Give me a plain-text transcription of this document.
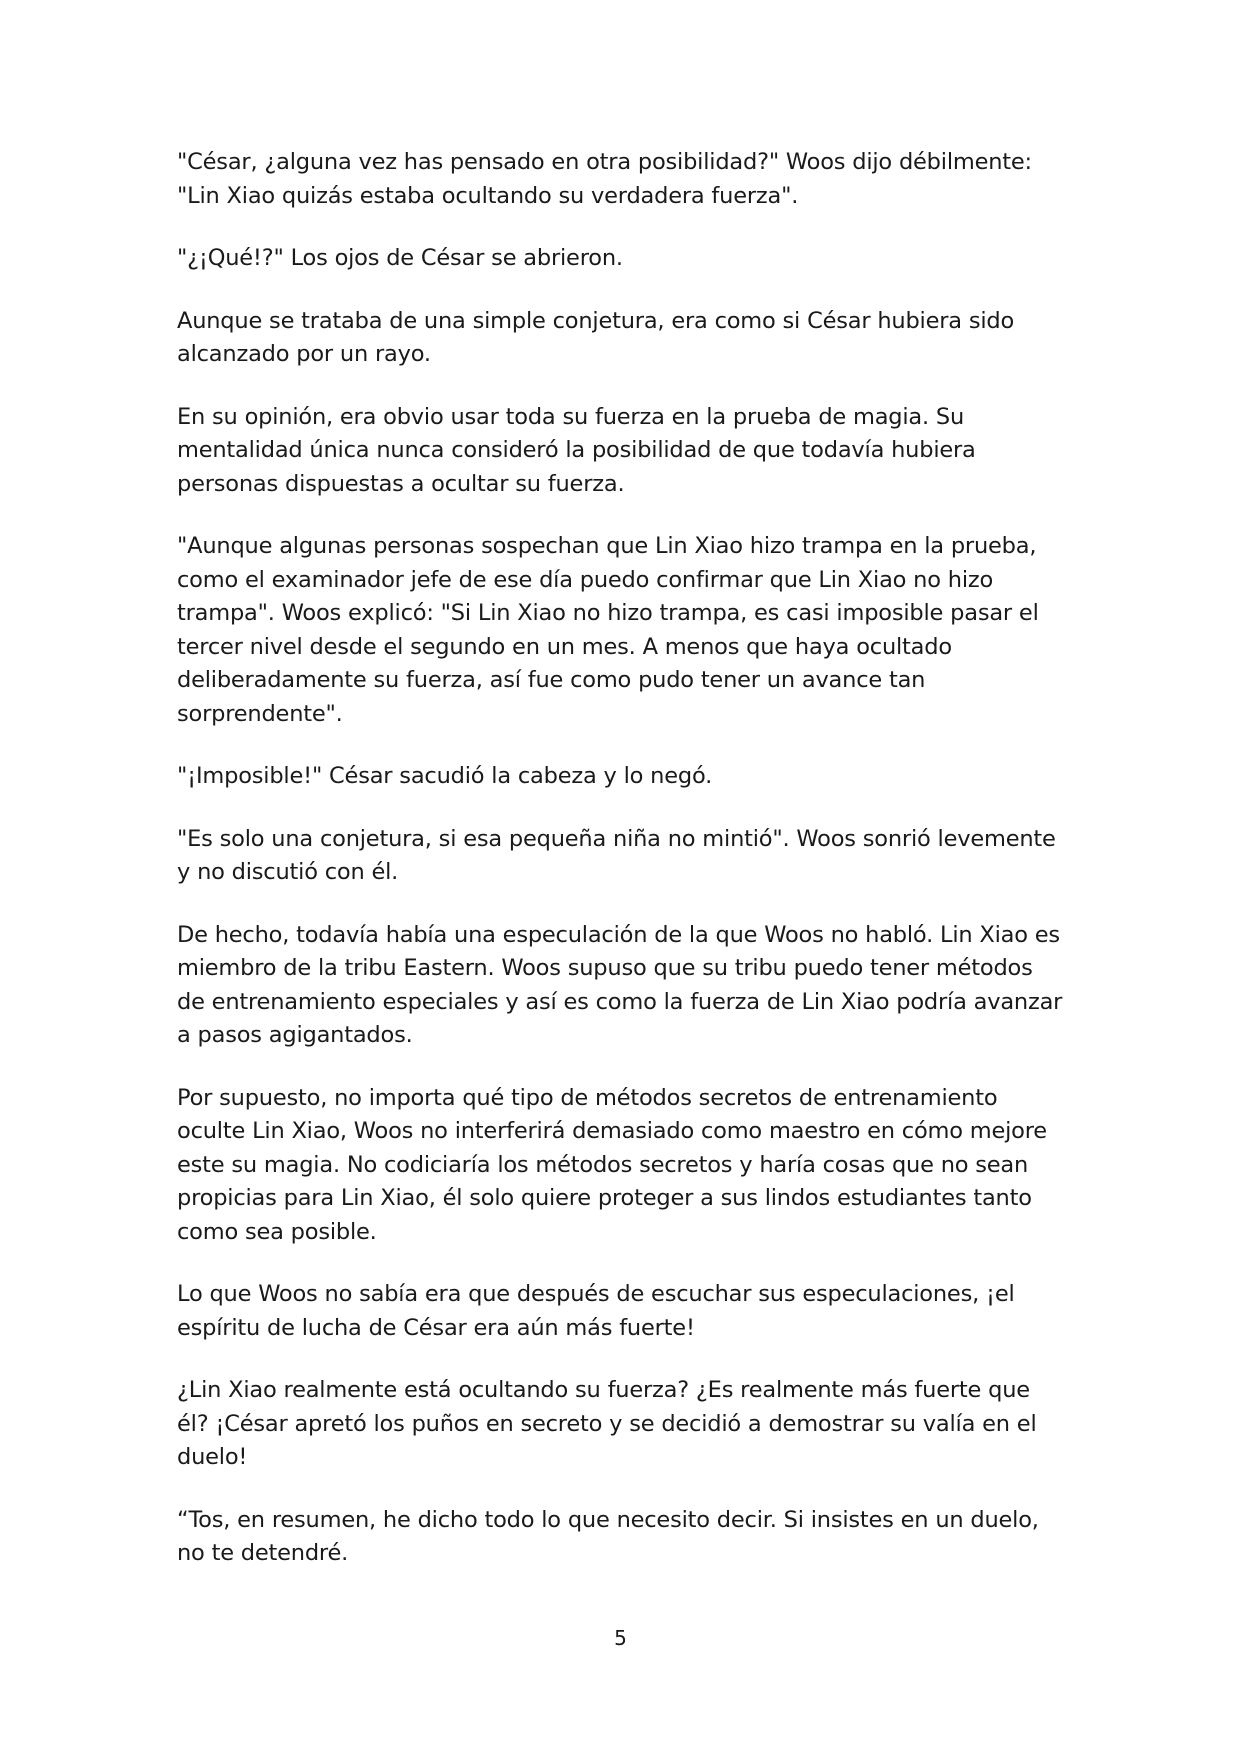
"César, ¿alguna vez has pensado en otra posibilidad?" Woos dijo débilmente:
"Lin Xiao quizás estaba ocultando su verdadera fuerza".

"¿¡Qué!?" Los ojos de César se abrieron.

Aunque se trataba de una simple conjetura, era como si César hubiera sido
alcanzado por un rayo.

En su opinión, era obvio usar toda su fuerza en la prueba de magia. Su
mentalidad única nunca consideró la posibilidad de que todavía hubiera
personas dispuestas a ocultar su fuerza.

"Aunque algunas personas sospechan que Lin Xiao hizo trampa en la prueba,
como el examinador jefe de ese día puedo confirmar que Lin Xiao no hizo
trampa". Woos explicó: "Si Lin Xiao no hizo trampa, es casi imposible pasar el
tercer nivel desde el segundo en un mes. A menos que haya ocultado
deliberadamente su fuerza, así fue como pudo tener un avance tan
sorprendente".

"¡Imposible!" César sacudió la cabeza y lo negó.

"Es solo una conjetura, si esa pequeña niña no mintió". Woos sonrió levemente
y no discutió con él.

De hecho, todavía había una especulación de la que Woos no habló. Lin Xiao es
miembro de la tribu Eastern. Woos supuso que su tribu puedo tener métodos
de entrenamiento especiales y así es como la fuerza de Lin Xiao podría avanzar
a pasos agigantados.

Por supuesto, no importa qué tipo de métodos secretos de entrenamiento
oculte Lin Xiao, Woos no interferirá demasiado como maestro en cómo mejore
este su magia. No codiciaría los métodos secretos y haría cosas que no sean
propicias para Lin Xiao, él solo quiere proteger a sus lindos estudiantes tanto
como sea posible.

Lo que Woos no sabía era que después de escuchar sus especulaciones, ¡el
espíritu de lucha de César era aún más fuerte!

¿Lin Xiao realmente está ocultando su fuerza? ¿Es realmente más fuerte que
él? ¡César apretó los puños en secreto y se decidió a demostrar su valía en el
duelo!

“Tos, en resumen, he dicho todo lo que necesito decir. Si insistes en un duelo,
no te detendré.

5
